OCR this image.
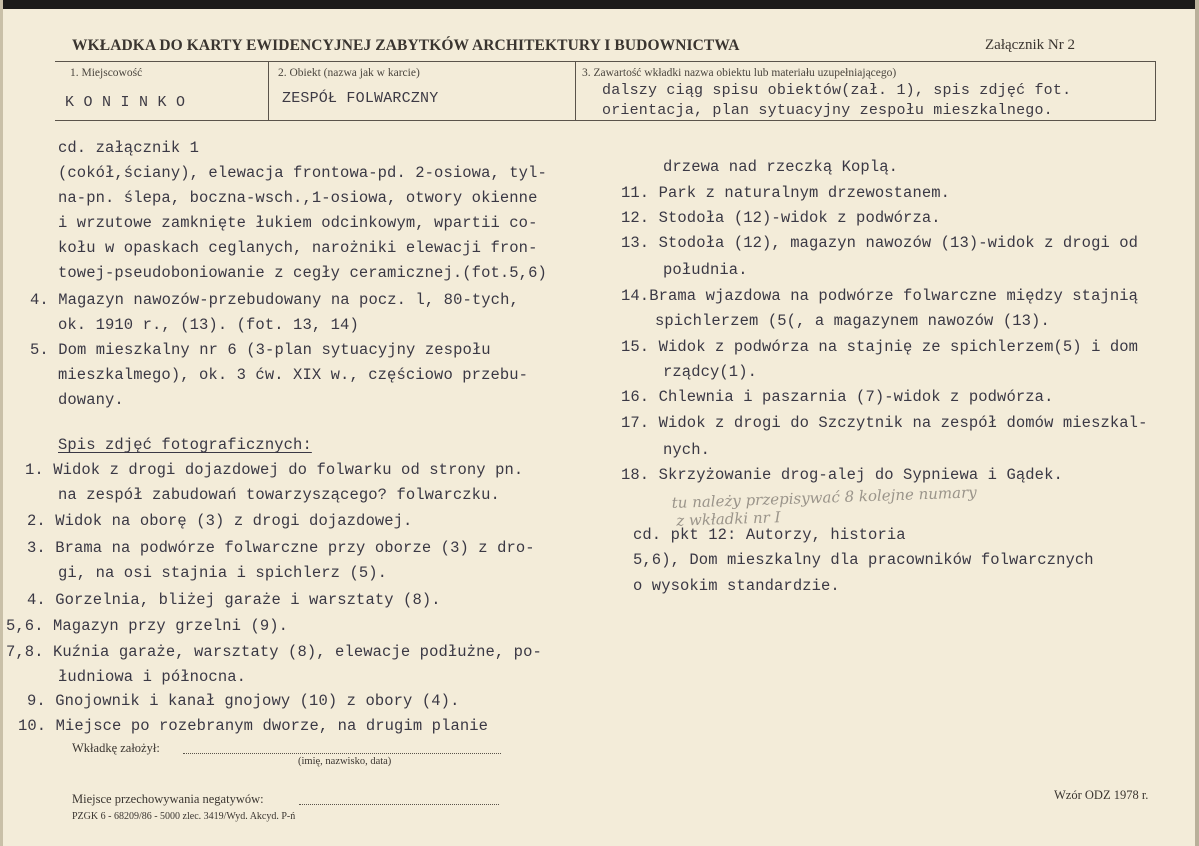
WKŁADKA DO KARTY EWIDENCYJNEJ ZABYTKÓW ARCHITEKTURY I BUDOWNICTWA	Załącznik Nr 2
1. Miejscowość	2. Obiekt (nazwa jak w karcie)	3. Zawartość wkładki nazwa obiektu lub materiału uzupełniającego)
KONINKO	ZESPÓŁ FOLWARCZNY	dalszy ciąg spisu obiektów(zał. 1), spis zdjęć fot.
orientacja, plan sytuacyjny zespołu mieszkalnego.
cd. załącznik 1
(cokół,ściany), elewacja frontowa-pd. 2-osiowa, tyl-
na-pn. ślepa, boczna-wsch.,1-osiowa, otwory okienne
i wrzutowe zamknięte łukiem odcinkowym, wpartii co-
kołu w opaskach ceglanych, narożniki elewacji fron-
towej-pseudoboniowanie z cegły ceramicznej.(fot.5,6)
4. Magazyn nawozów-przebudowany na pocz. l, 80-tych,
ok. 1910 r., (13). (fot. 13, 14)
5. Dom mieszkalny nr 6 (3-plan sytuacyjny zespołu
mieszkalmego), ok. 3 ćw. XIX w., częściowo przebu-
dowany.
Spis zdjęć fotograficznych:
1. Widok z drogi dojazdowej do folwarku od strony pn.
na zespół zabudowań towarzyszącego? folwarczku.
2. Widok na oborę (3) z drogi dojazdowej.
3. Brama na podwórze folwarczne przy oborze (3) z dro-
gi, na osi stajnia i spichlerz (5).
4. Gorzelnia, bliżej garaże i warsztaty (8).
5,6. Magazyn przy grzelni (9).
7,8. Kuźnia garaże, warsztaty (8), elewacje podłużne, po-
łudniowa i północna.
9. Gnojownik i kanał gnojowy (10) z obory (4).
10. Miejsce po rozebranym dworze, na drugim planie
drzewa nad rzeczką Koplą.
11. Park z naturalnym drzewostanem.
12. Stodoła (12)-widok z podwórza.
13. Stodoła (12), magazyn nawozów (13)-widok z drogi od
południa.
14.Brama wjazdowa na podwórze folwarczne między stajnią
spichlerzem (5(, a magazynem nawozów (13).
15. Widok z podwórza na stajnię ze spichlerzem(5) i dom
rządcy(1).
16. Chlewnia i paszarnia (7)-widok z podwórza.
17. Widok z drogi do Szczytnik na zespół domów mieszkal-
nych.
18. Skrzyżowanie drog-alej do Sypniewa i Gądek.
tu należy przepisywać 8 kolejne numary
z wkładki nr I
cd. pkt 12: Autorzy, historia
5,6), Dom mieszkalny dla pracowników folwarcznych
o wysokim standardzie.
Wkładkę założył:
(imię, nazwisko, data)
Miejsce przechowywania negatywów:
PZGK 6 - 68209/86 - 5000 zlec. 3419/Wyd. Akcyd. P-ń
Wzór ODZ 1978 r.
